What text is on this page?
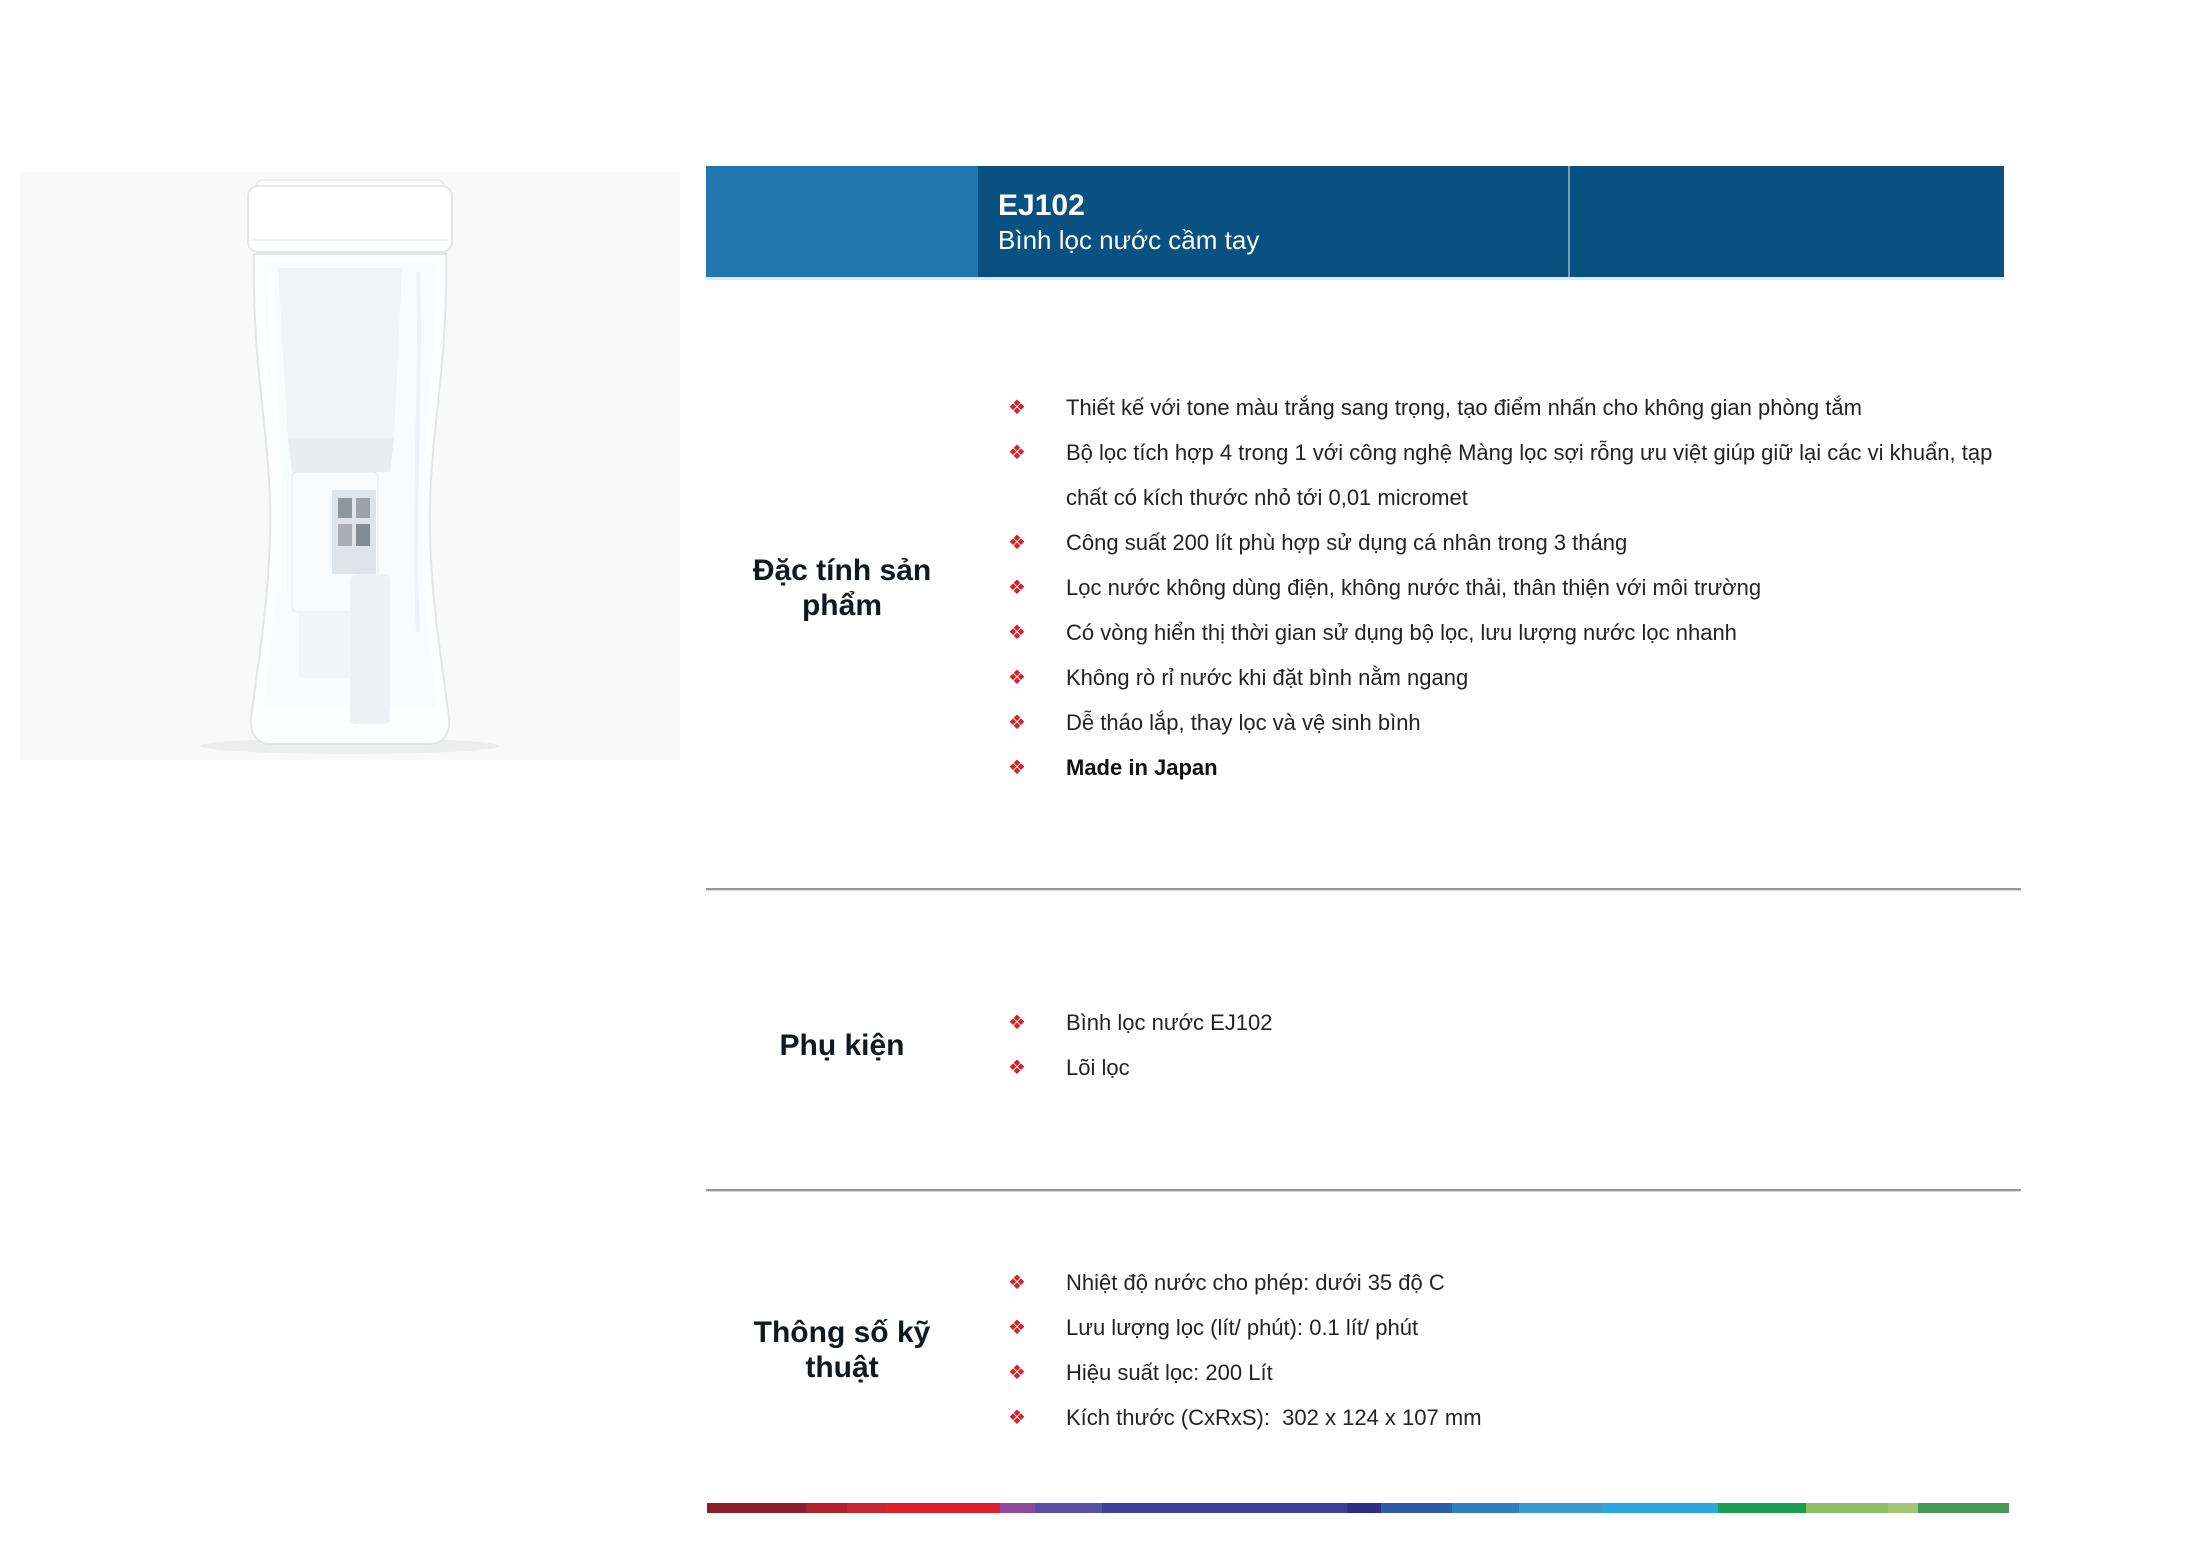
EJ102
Bình lọc nước cầm tay
Đặc tính sản phẩm
❖	Thiết kế với tone màu trắng sang trọng, tạo điểm nhấn cho không gian phòng tắm
❖	Bộ lọc tích hợp 4 trong 1 với công nghệ Màng lọc sợi rỗng ưu việt giúp giữ lại các vi khuẩn, tạp chất có kích thước nhỏ tới 0,01 micromet
❖	Công suất 200 lít phù hợp sử dụng cá nhân trong 3 tháng
❖	Lọc nước không dùng điện, không nước thải, thân thiện với môi trường
❖	Có vòng hiển thị thời gian sử dụng bộ lọc, lưu lượng nước lọc nhanh
❖	Không rò rỉ nước khi đặt bình nằm ngang
❖	Dễ tháo lắp, thay lọc và vệ sinh bình
❖	Made in Japan
Phụ kiện
❖	Bình lọc nước EJ102
❖	Lõi lọc
Thông số kỹ thuật
❖	Nhiệt độ nước cho phép: dưới 35 độ C
❖	Lưu lượng lọc (lít/ phút): 0.1 lít/ phút
❖	Hiệu suất lọc: 200 Lít
❖	Kích thước (CxRxS):  302 x 124 x 107 mm
